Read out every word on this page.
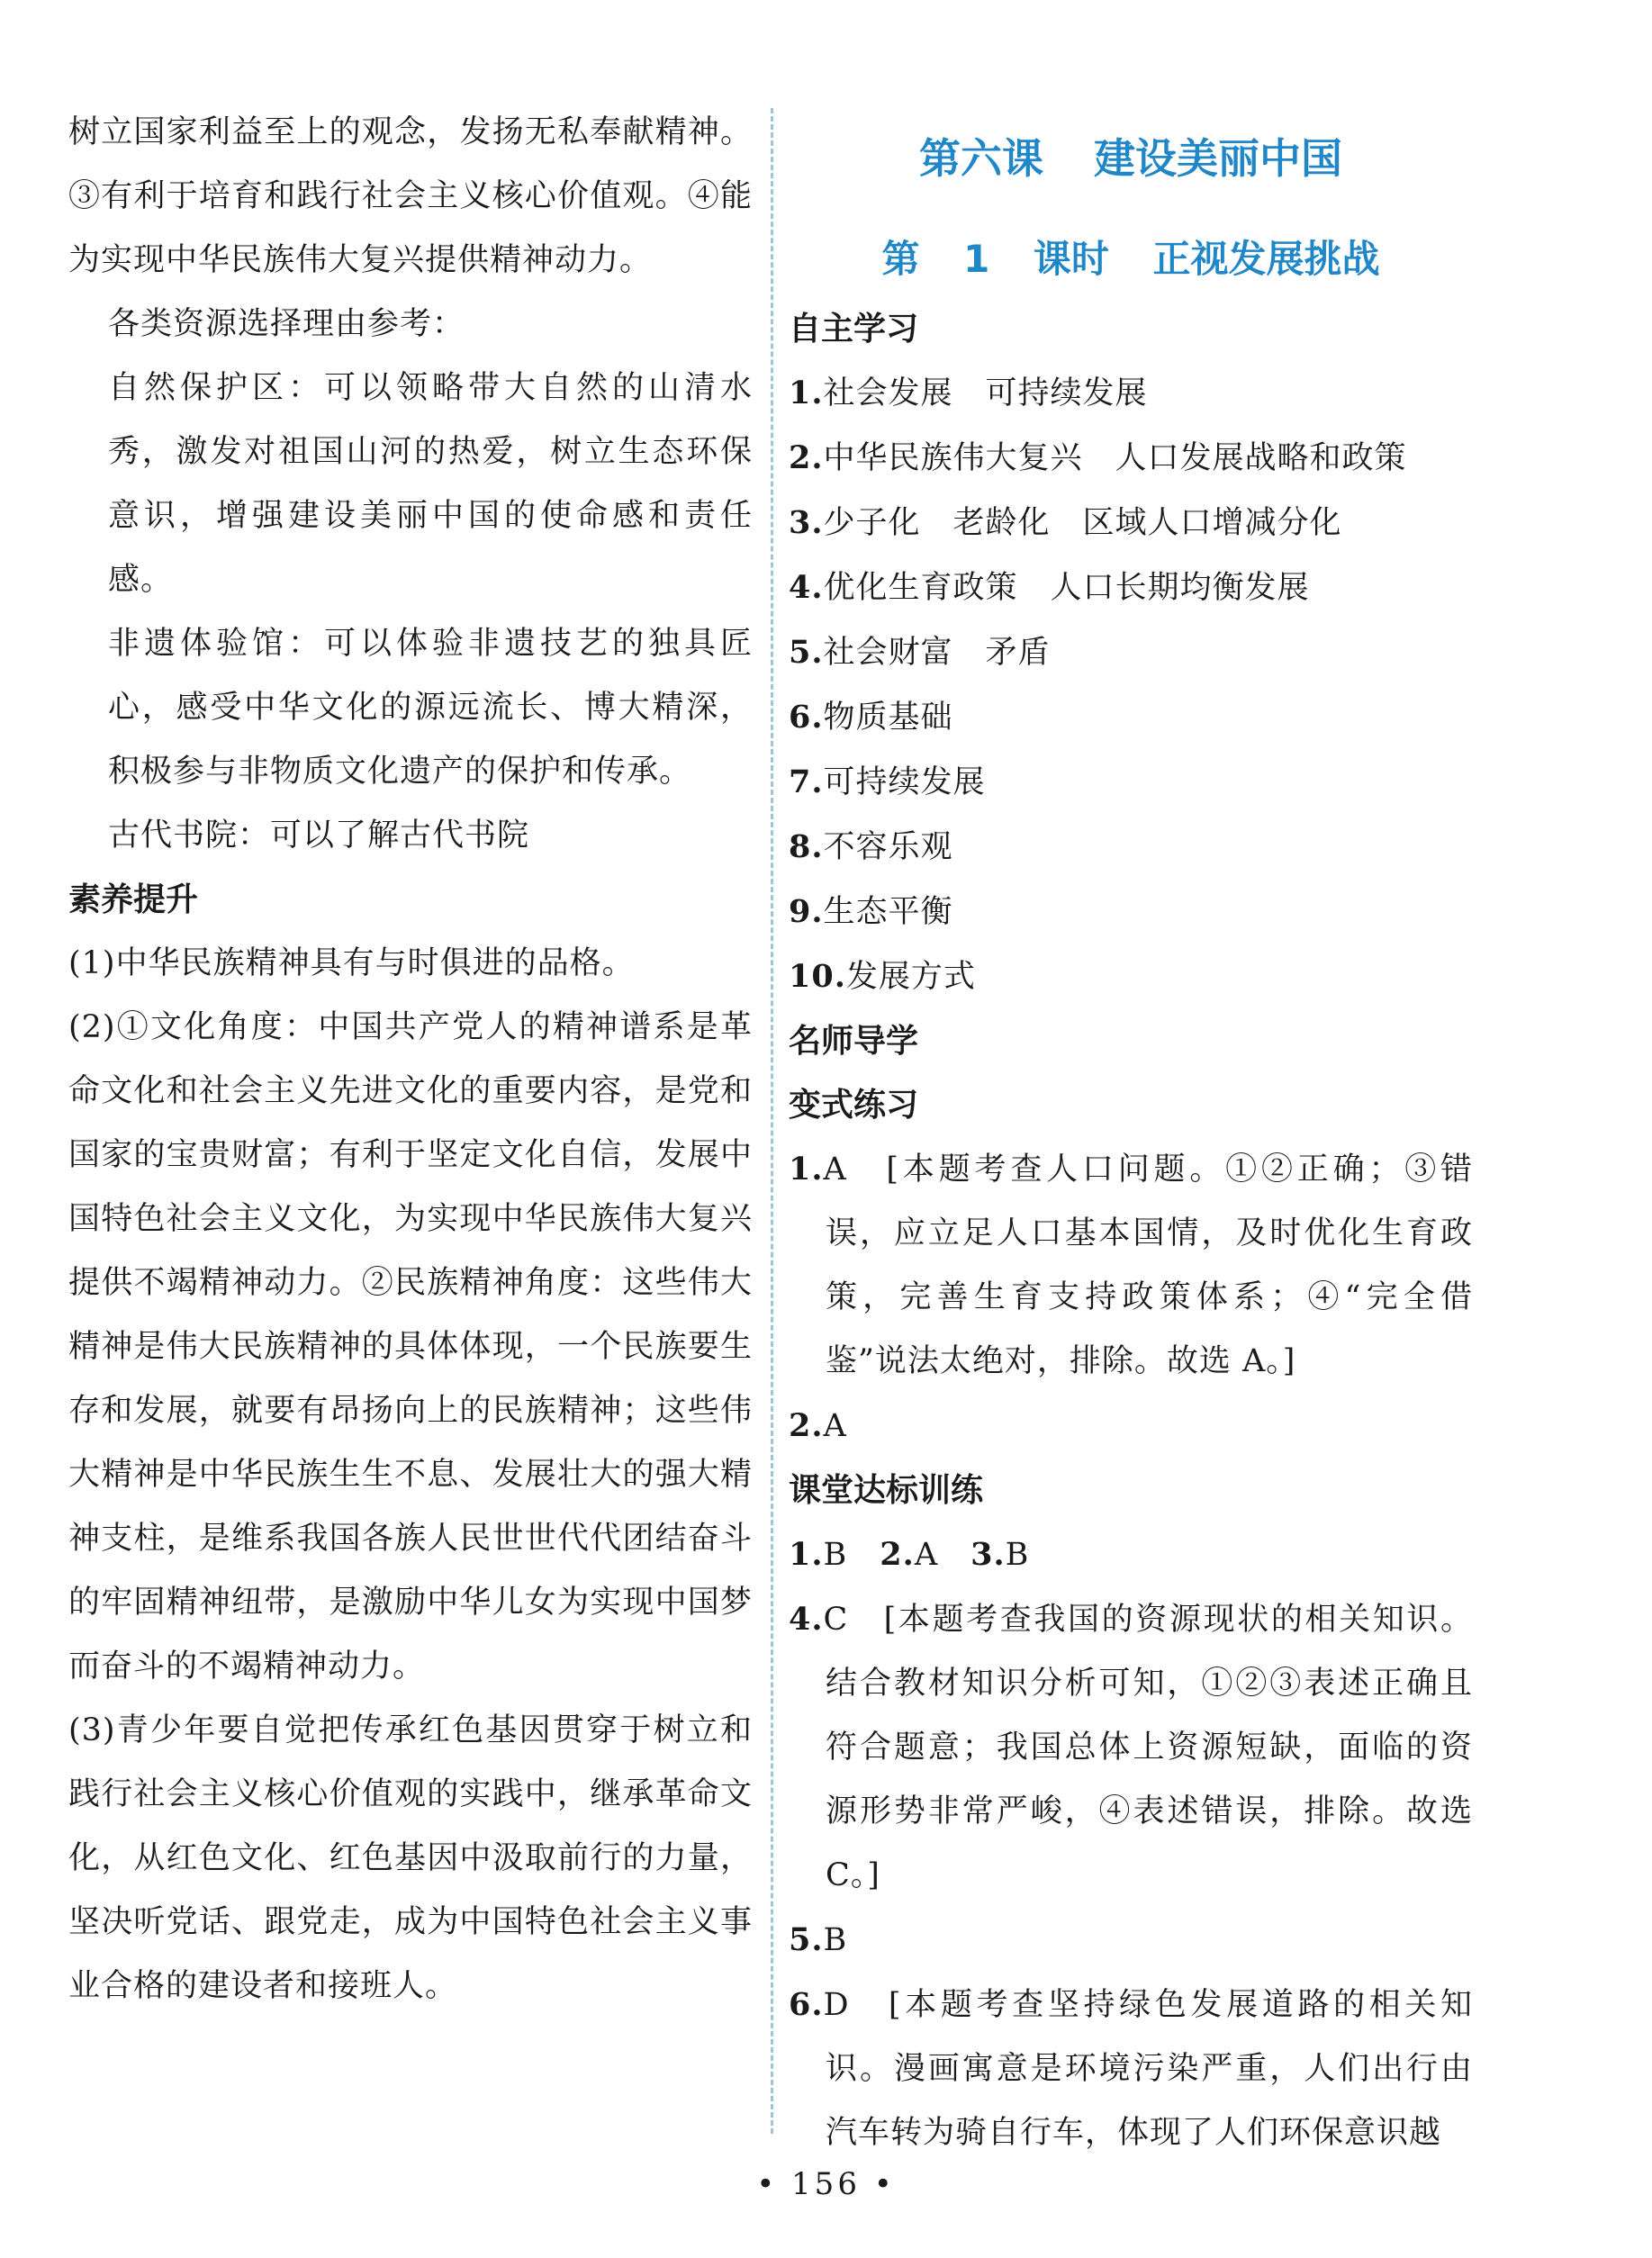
树立国家利益至上的观念，发扬无私奉献精神。③有利于培育和践行社会主义核心价值观。④能为实现中华民族伟大复兴提供精神动力。

各类资源选择理由参考：

自然保护区：可以领略带大自然的山清水秀，激发对祖国山河的热爱，树立生态环保意识，增强建设美丽中国的使命感和责任感。

非遗体验馆：可以体验非遗技艺的独具匠心，感受中华文化的源远流长、博大精深，积极参与非物质文化遗产的保护和传承。

古代书院：可以了解古代书院

素养提升

(1)中华民族精神具有与时俱进的品格。

(2)①文化角度：中国共产党人的精神谱系是革命文化和社会主义先进文化的重要内容，是党和国家的宝贵财富；有利于坚定文化自信，发展中国特色社会主义文化，为实现中华民族伟大复兴提供不竭精神动力。②民族精神角度：这些伟大精神是伟大民族精神的具体体现，一个民族要生存和发展，就要有昂扬向上的民族精神；这些伟大精神是中华民族生生不息、发展壮大的强大精神支柱，是维系我国各族人民世世代代团结奋斗的牢固精神纽带，是激励中华儿女为实现中国梦而奋斗的不竭精神动力。

(3)青少年要自觉把传承红色基因贯穿于树立和践行社会主义核心价值观的实践中，继承革命文化，从红色文化、红色基因中汲取前行的力量，坚决听党话、跟党走，成为中国特色社会主义事业合格的建设者和接班人。

第六课 建设美丽中国

第 1 课时 正视发展挑战

自主学习

1.社会发展　可持续发展

2.中华民族伟大复兴　人口发展战略和政策

3.少子化　老龄化　区域人口增减分化

4.优化生育政策　人口长期均衡发展

5.社会财富　矛盾

6.物质基础

7.可持续发展

8.不容乐观

9.生态平衡

10.发展方式

名师导学

变式练习

1.A　[本题考查人口问题。①②正确；③错误，应立足人口基本国情，及时优化生育政策，完善生育支持政策体系；④“完全借鉴”说法太绝对，排除。故选 A。]

2.A

课堂达标训练

1.B　2.A　3.B

4.C　[本题考查我国的资源现状的相关知识。结合教材知识分析可知，①②③表述正确且符合题意；我国总体上资源短缺，面临的资源形势非常严峻，④表述错误，排除。故选 C。]

5.B

6.D　[本题考查坚持绿色发展道路的相关知识。漫画寓意是环境污染严重，人们出行由汽车转为骑自行车，体现了人们环保意识越

• 156 •
